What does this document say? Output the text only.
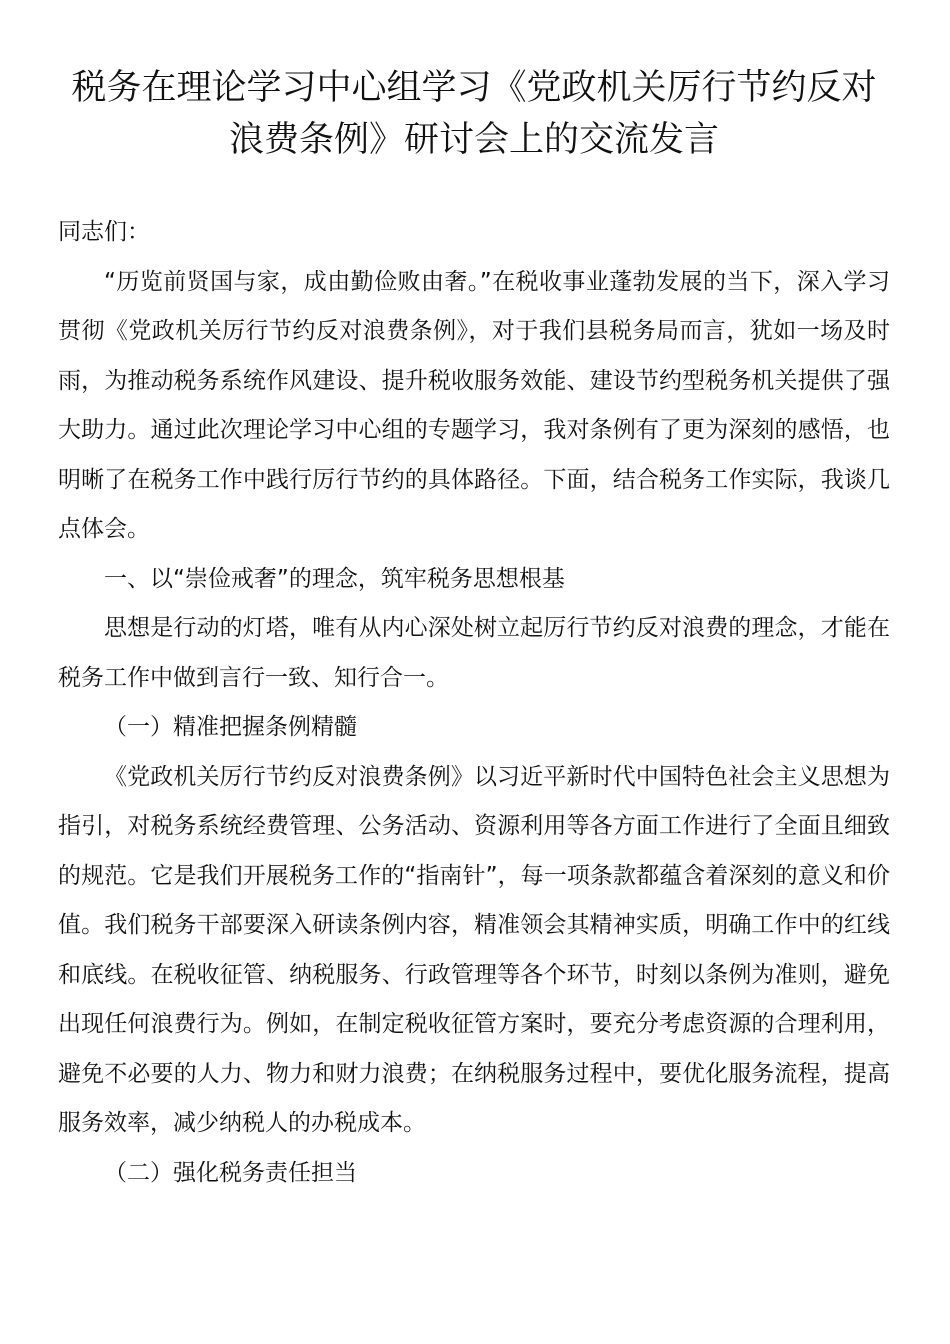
税务在理论学习中心组学习《党政机关厉行节约反对
浪费条例》研讨会上的交流发言

同志们：

“历览前贤国与家，成由勤俭败由奢。”在税收事业蓬勃发展的当下，深入学习贯彻《党政机关厉行节约反对浪费条例》，对于我们县税务局而言，犹如一场及时雨，为推动税务系统作风建设、提升税收服务效能、建设节约型税务机关提供了强大助力。通过此次理论学习中心组的专题学习，我对条例有了更为深刻的感悟，也明晰了在税务工作中践行厉行节约的具体路径。下面，结合税务工作实际，我谈几点体会。

一、以“崇俭戒奢”的理念，筑牢税务思想根基

思想是行动的灯塔，唯有从内心深处树立起厉行节约反对浪费的理念，才能在税务工作中做到言行一致、知行合一。

（一）精准把握条例精髓

《党政机关厉行节约反对浪费条例》以习近平新时代中国特色社会主义思想为指引，对税务系统经费管理、公务活动、资源利用等各方面工作进行了全面且细致的规范。它是我们开展税务工作的“指南针”，每一项条款都蕴含着深刻的意义和价值。我们税务干部要深入研读条例内容，精准领会其精神实质，明确工作中的红线和底线。在税收征管、纳税服务、行政管理等各个环节，时刻以条例为准则，避免出现任何浪费行为。例如，在制定税收征管方案时，要充分考虑资源的合理利用，避免不必要的人力、物力和财力浪费；在纳税服务过程中，要优化服务流程，提高服务效率，减少纳税人的办税成本。

（二）强化税务责任担当
